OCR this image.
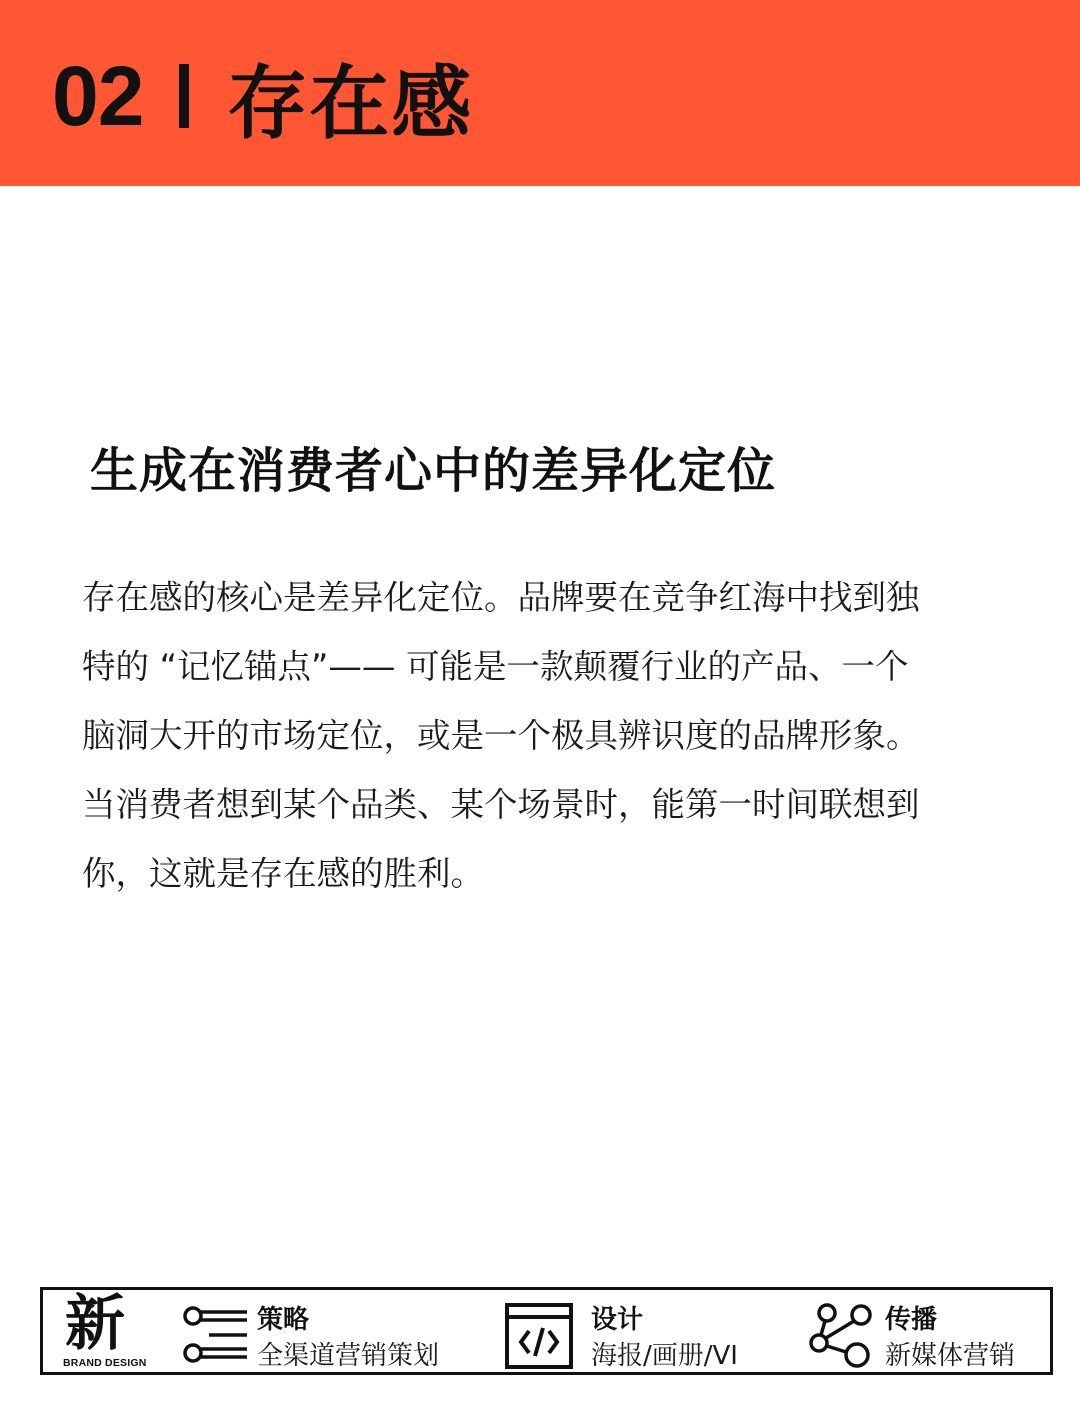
02 存在感
生成在消费者心中的差异化定位
存在感的核心是差异化定位。品牌要在竞争红海中找到独
特的 “记忆锚点”—— 可能是一款颠覆行业的产品、一个
脑洞大开的市场定位，或是一个极具辨识度的品牌形象。
当消费者想到某个品类、某个场景时，能第一时间联想到
你，这就是存在感的胜利。
新
BRAND DESIGN
策略
全渠道营销策划
设计
海报/画册/VI
传播
新媒体营销
